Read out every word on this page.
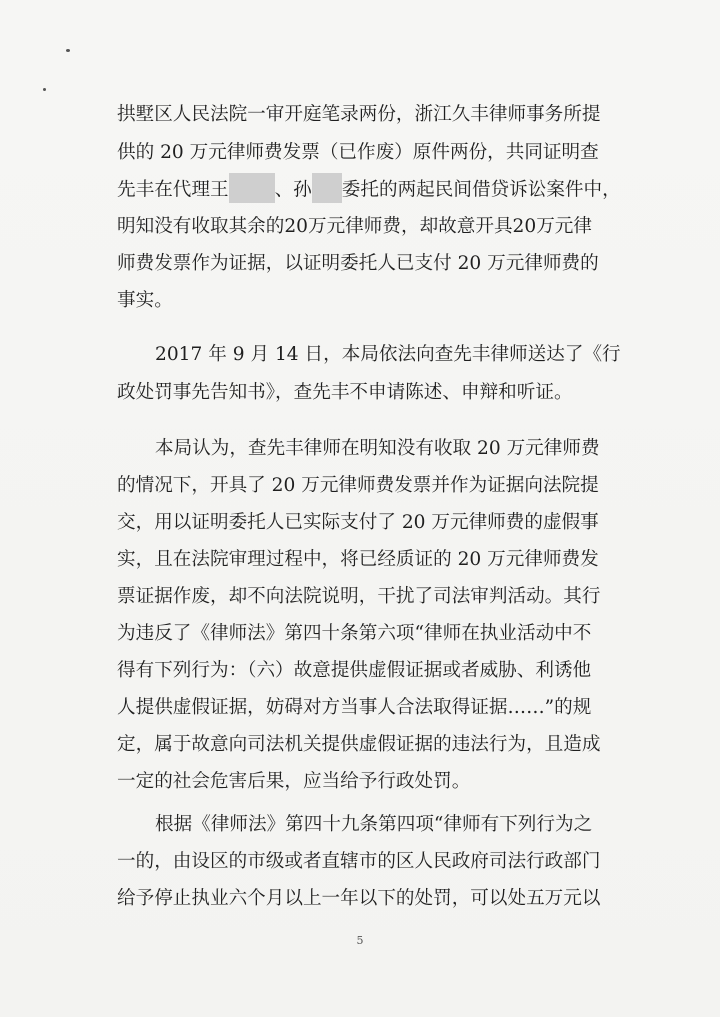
拱墅区人民法院一审开庭笔录两份，浙江久丰律师事务所提
供的 20 万元律师费发票（已作废）原件两份，共同证明查
先丰在代理王 、孙 委托的两起民间借贷诉讼案件中，
明知没有收取其余的20万元律师费，却故意开具20万元律
师费发票作为证据，以证明委托人已支付 20 万元律师费的
事实。
2017 年 9 月 14 日，本局依法向查先丰律师送达了《行
政处罚事先告知书》，查先丰不申请陈述、申辩和听证。
本局认为，查先丰律师在明知没有收取 20 万元律师费
的情况下，开具了 20 万元律师费发票并作为证据向法院提
交，用以证明委托人已实际支付了 20 万元律师费的虚假事
实，且在法院审理过程中，将已经质证的 20 万元律师费发
票证据作废，却不向法院说明，干扰了司法审判活动。其行
为违反了《律师法》第四十条第六项“律师在执业活动中不
得有下列行为：（六）故意提供虚假证据或者威胁、利诱他
人提供虚假证据，妨碍对方当事人合法取得证据……”的规
定，属于故意向司法机关提供虚假证据的违法行为，且造成
一定的社会危害后果，应当给予行政处罚。
根据《律师法》第四十九条第四项“律师有下列行为之
一的，由设区的市级或者直辖市的区人民政府司法行政部门
给予停止执业六个月以上一年以下的处罚，可以处五万元以
5
